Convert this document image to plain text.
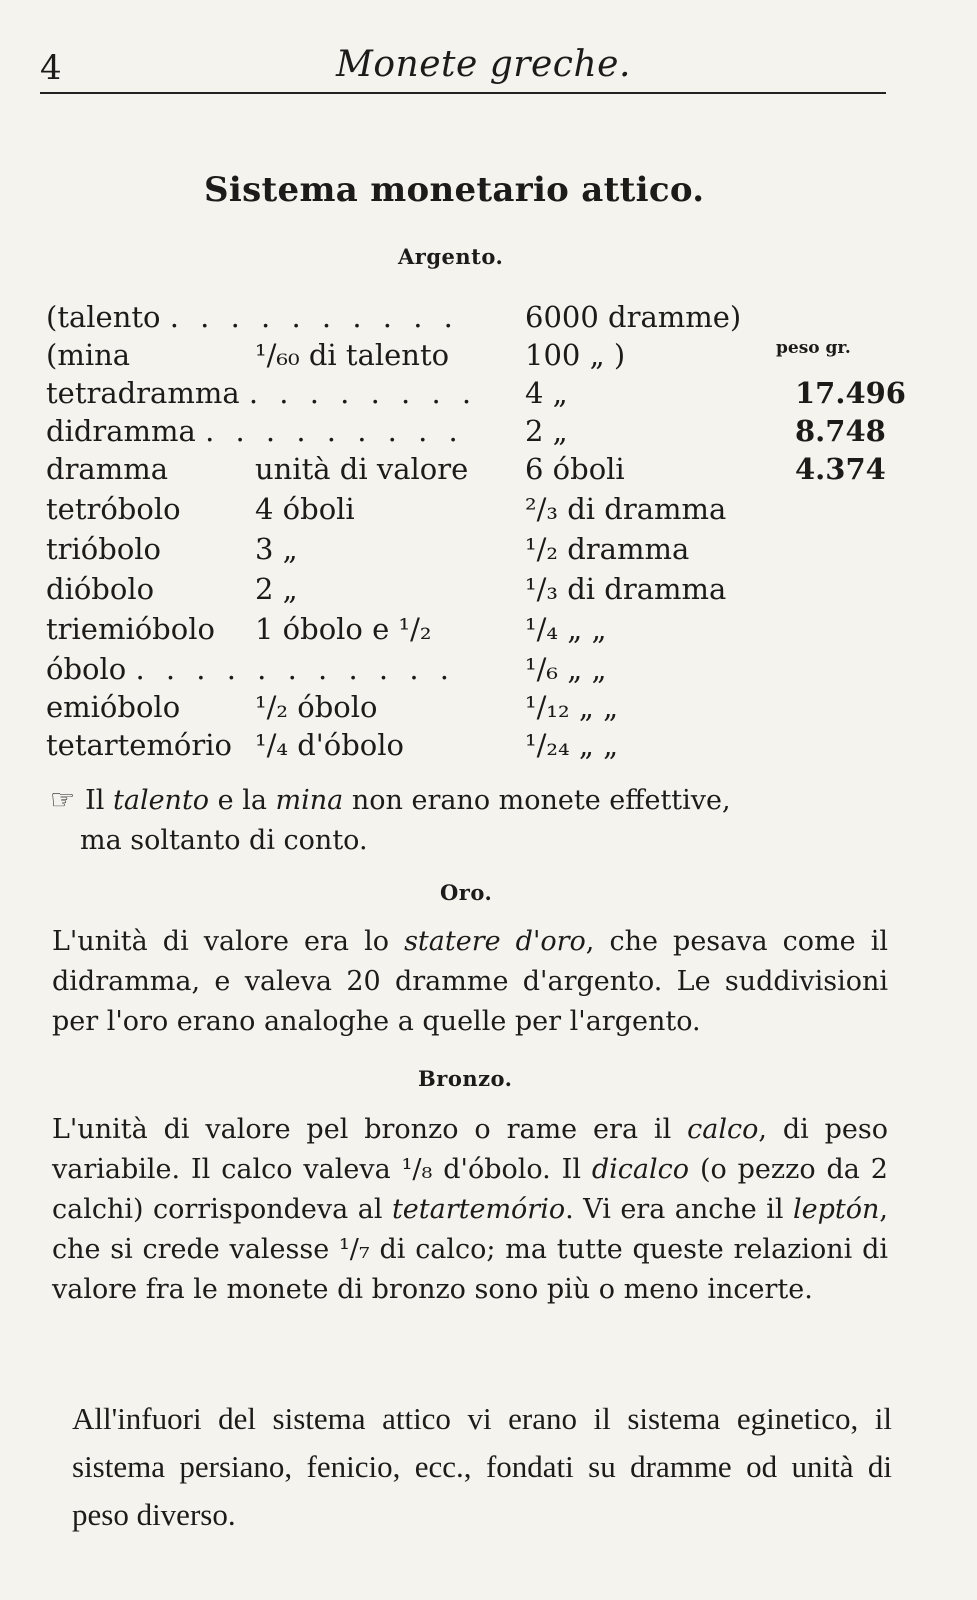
4	Monete greche.
Sistema monetario attico.
Argento.
peso gr.
(talento . . . . . . . . . . 6000 dramme)
(mina	¹/₆₀ di talento	100 „ )
tetradramma . . . . . . . . 4 „	17.496
didramma . . . . . . . . . 2 „	8.748
dramma	unità di valore 6 óboli	4.374
tetróbolo	4 óboli	²/₃ di dramma
trióbolo	3 „	¹/₂ dramma
dióbolo	2 „	¹/₃ di dramma
triemióbolo 1 óbolo e ¹/₂	¹/₄ „ „
óbolo . . . . . . . . . . . ¹/₆ „ „
emióbolo	¹/₂ óbolo	¹/₁₂ „ „
tetartemório ¹/₄ d'óbolo	¹/₂₄ „ „
☞ Il talento e la mina non erano monete effettive,
ma soltanto di conto.
Oro.
L'unità di valore era lo statere d'oro, che pesava come il didramma, e valeva 20 dramme d'argento. Le suddivisioni per l'oro erano analoghe a quelle per l'argento.
Bronzo.
L'unità di valore pel bronzo o rame era il calco, di peso variabile. Il calco valeva ¹/₈ d'óbolo. Il dicalco (o pezzo da 2 calchi) corrispondeva al tetartemório. Vi era anche il leptón, che si crede valesse ¹/₇ di calco; ma tutte queste relazioni di valore fra le monete di bronzo sono più o meno incerte.
All'infuori del sistema attico vi erano il sistema eginetico, il sistema persiano, fenicio, ecc., fondati su dramme od unità di peso diverso.
